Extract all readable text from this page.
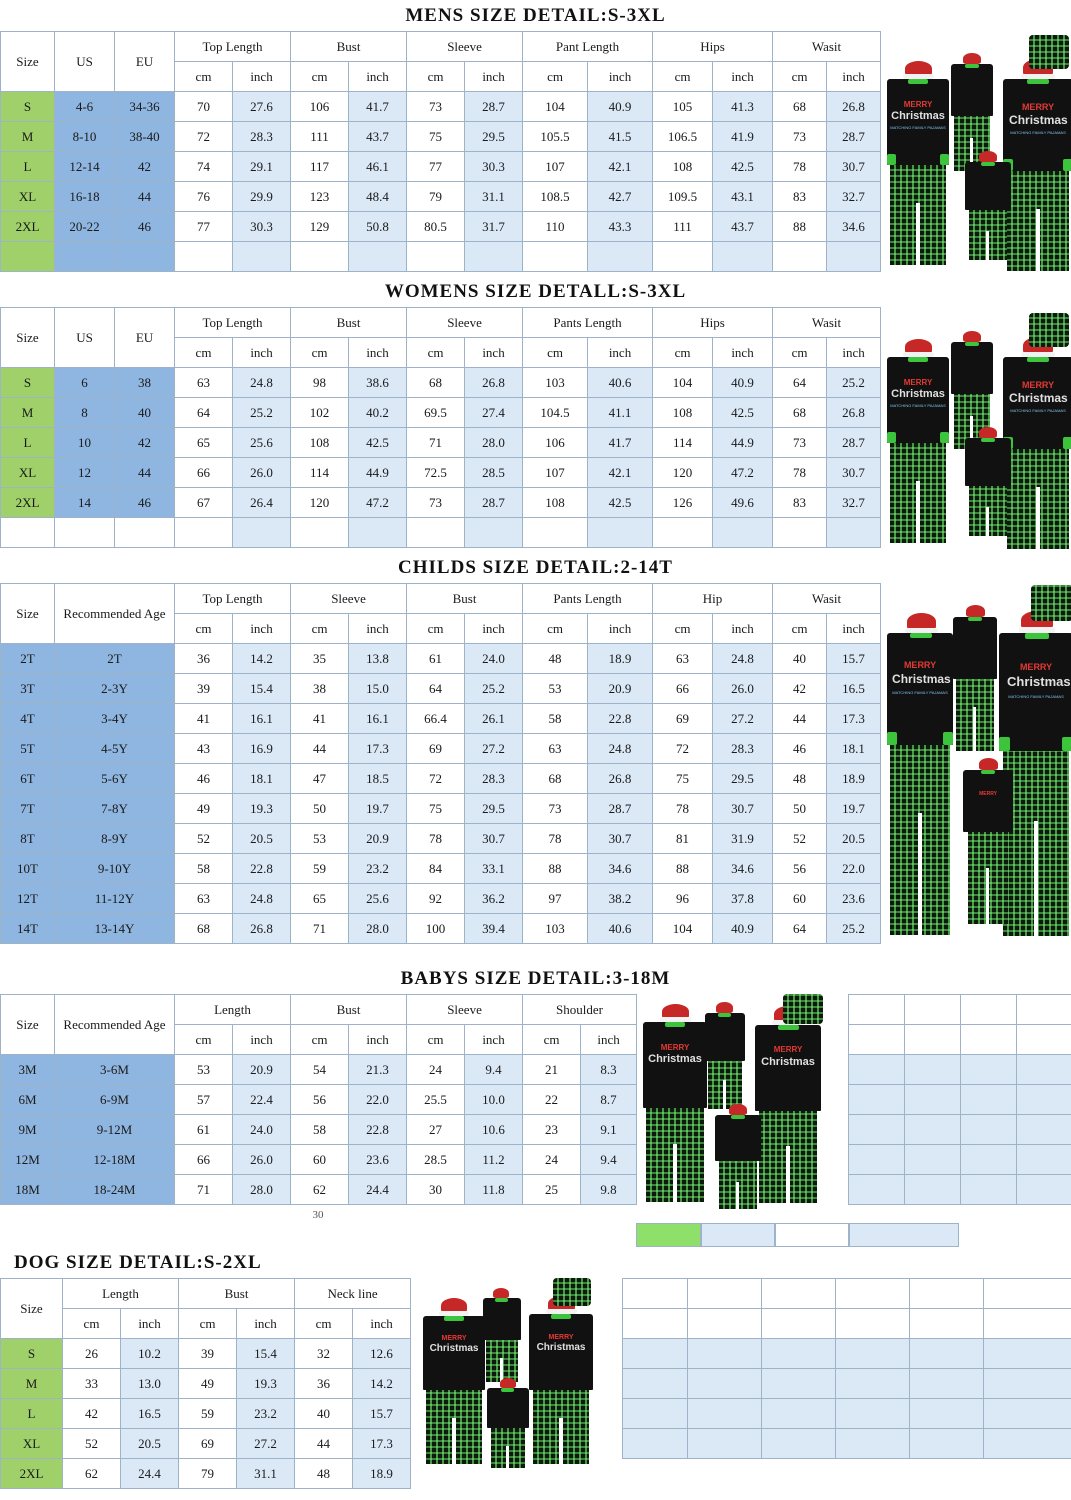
MENS SIZE DETAIL:S-3XL
Size	US	EU	Top Length		Bust		Sleeve		Pant Length		Hips		Wasit	
			cm	inch	cm	inch	cm	inch	cm	inch	cm	inch	cm	inch
S	4-6	34-36	70	27.6	106	41.7	73	28.7	104	40.9	105	41.3	68	26.8
M	8-10	38-40	72	28.3	111	43.7	75	29.5	105.5	41.5	106.5	41.9	73	28.7
L	12-14	42	74	29.1	117	46.1	77	30.3	107	42.1	108	42.5	78	30.7
XL	16-18	44	76	29.9	123	48.4	79	31.1	108.5	42.7	109.5	43.1	83	32.7
2XL	20-22	46	77	30.3	129	50.8	80.5	31.7	110	43.3	111	43.7	88	34.6

MERRY
Christmas
MATCHING FAMILY PAJAMAS
MERRY
Christmas
MATCHING FAMILY PAJAMAS
WOMENS SIZE DETALL:S-3XL
Size	US	EU	Top Length		Bust		Sleeve		Pants Length		Hips		Wasit	
			cm	inch	cm	inch	cm	inch	cm	inch	cm	inch	cm	inch
S	6	38	63	24.8	98	38.6	68	26.8	103	40.6	104	40.9	64	25.2
M	8	40	64	25.2	102	40.2	69.5	27.4	104.5	41.1	108	42.5	68	26.8
L	10	42	65	25.6	108	42.5	71	28.0	106	41.7	114	44.9	73	28.7
XL	12	44	66	26.0	114	44.9	72.5	28.5	107	42.1	120	47.2	78	30.7
2XL	14	46	67	26.4	120	47.2	73	28.7	108	42.5	126	49.6	83	32.7

MERRY
Christmas
MATCHING FAMILY PAJAMAS
MERRY
Christmas
MATCHING FAMILY PAJAMAS
CHILDS SIZE DETAIL:2-14T
Size	Recommended Age	Top Length		Sleeve		Bust		Pants Length		Hip		Wasit	
		cm	inch	cm	inch	cm	inch	cm	inch	cm	inch	cm	inch
2T	2T	36	14.2	35	13.8	61	24.0	48	18.9	63	24.8	40	15.7
3T	2-3Y	39	15.4	38	15.0	64	25.2	53	20.9	66	26.0	42	16.5
4T	3-4Y	41	16.1	41	16.1	66.4	26.1	58	22.8	69	27.2	44	17.3
5T	4-5Y	43	16.9	44	17.3	69	27.2	63	24.8	72	28.3	46	18.1
6T	5-6Y	46	18.1	47	18.5	72	28.3	68	26.8	75	29.5	48	18.9
7T	7-8Y	49	19.3	50	19.7	75	29.5	73	28.7	78	30.7	50	19.7
8T	8-9Y	52	20.5	53	20.9	78	30.7	78	30.7	81	31.9	52	20.5
10T	9-10Y	58	22.8	59	23.2	84	33.1	88	34.6	88	34.6	56	22.0
12T	11-12Y	63	24.8	65	25.6	92	36.2	97	38.2	96	37.8	60	23.6
14T	13-14Y	68	26.8	71	28.0	100	39.4	103	40.6	104	40.9	64	25.2
MERRY
Christmas
MATCHING FAMILY PAJAMAS
MERRY
Christmas
MATCHING FAMILY PAJAMAS
MERRY
BABYS SIZE DETAIL:3-18M
Size	Recommended Age	Length		Bust		Sleeve		Shoulder	
		cm	inch	cm	inch	cm	inch	cm	inch
3M	3-6M	53	20.9	54	21.3	24	9.4	21	8.3
6M	6-9M	57	22.4	56	22.0	25.5	10.0	22	8.7
9M	9-12M	61	24.0	58	22.8	27	10.6	23	9.1
12M	12-18M	66	26.0	60	23.6	28.5	11.2	24	9.4
18M	18-24M	71	28.0	62	24.4	30	11.8	25	9.8
30
MERRY
Christmas
MERRY
Christmas

DOG SIZE DETAIL:S-2XL
Size	Length		Bust		Neck line	
	cm	inch	cm	inch	cm	inch
S	26	10.2	39	15.4	32	12.6
M	33	13.0	49	19.3	36	14.2
L	42	16.5	59	23.2	40	15.7
XL	52	20.5	69	27.2	44	17.3
2XL	62	24.4	79	31.1	48	18.9
MERRY
Christmas
MERRY
Christmas
